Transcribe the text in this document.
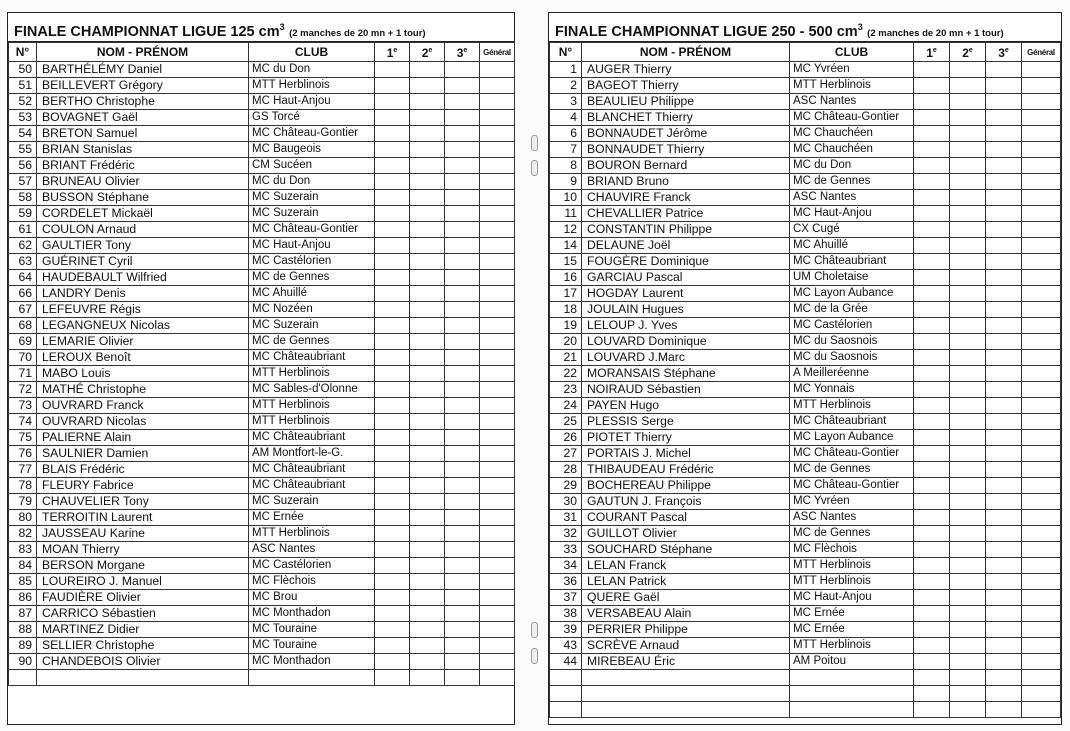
FINALE CHAMPIONNAT LIGUE 125 $cm^3$ (2 manches de 20 mn + 1 tour)
N°	NOM - PRÉNOM	CLUB	1e	2e	3e	Général
50	BARTHÉLÉMY Daniel	MC du Don				
51	BEILLEVERT Grégory	MTT Herblinois				
52	BERTHO Christophe	MC Haut-Anjou				
53	BOVAGNET Gaël	GS Torcé				
54	BRETON Samuel	MC Château-Gontier				
55	BRIAN Stanislas	MC Baugeois				
56	BRIANT Frédéric	CM Sucéen				
57	BRUNEAU Olivier	MC du Don				
58	BUSSON Stéphane	MC Suzerain				
59	CORDELET Mickaël	MC Suzerain				
61	COULON Arnaud	MC Château-Gontier				
62	GAULTIER Tony	MC Haut-Anjou				
63	GUÉRINET Cyril	MC Castélorien				
64	HAUDEBAULT Wilfried	MC de Gennes				
66	LANDRY Denis	MC Ahuillé				
67	LEFEUVRE Régis	MC Nozéen				
68	LEGANGNEUX Nicolas	MC Suzerain				
69	LEMARIE Olivier	MC de Gennes				
70	LEROUX Benoît	MC Châteaubriant				
71	MABO Louis	MTT Herblinois				
72	MATHÉ Christophe	MC Sables-d'Olonne				
73	OUVRARD Franck	MTT Herblinois				
74	OUVRARD Nicolas	MTT Herblinois				
75	PALIERNE Alain	MC Châteaubriant				
76	SAULNIER Damien	AM Montfort-le-G.				
77	BLAIS Frédéric	MC Châteaubriant				
78	FLEURY Fabrice	MC Châteaubriant				
79	CHAUVELIER Tony	MC Suzerain				
80	TERROITIN Laurent	MC Ernée				
82	JAUSSEAU Karine	MTT Herblinois				
83	MOAN Thierry	ASC Nantes				
84	BERSON Morgane	MC Castélorien				
85	LOUREIRO J. Manuel	MC Flèchois				
86	FAUDIÈRE Olivier	MC Brou				
87	CARRICO Sébastien	MC Monthadon				
88	MARTINEZ Didier	MC Touraine				
89	SELLIER Christophe	MC Touraine				
90	CHANDEBOIS Olivier	MC Monthadon				

FINALE CHAMPIONNAT LIGUE 250 - 500 $cm^3$ (2 manches de 20 mn + 1 tour)
N°	NOM - PRÉNOM	CLUB	1e	2e	3e	Général
1	AUGER Thierry	MC Yvréen				
2	BAGEOT Thierry	MTT Herblinois				
3	BEAULIEU Philippe	ASC Nantes				
4	BLANCHET Thierry	MC Château-Gontier				
6	BONNAUDET Jérôme	MC Chauchéen				
7	BONNAUDET Thierry	MC Chauchéen				
8	BOURON Bernard	MC du Don				
9	BRIAND Bruno	MC de Gennes				
10	CHAUVIRE Franck	ASC Nantes				
11	CHEVALLIER Patrice	MC Haut-Anjou				
12	CONSTANTIN Philippe	CX Cugé				
14	DELAUNE Joël	MC Ahuillé				
15	FOUGÈRE Dominique	MC Châteaubriant				
16	GARCIAU Pascal	UM Choletaise				
17	HOGDAY Laurent	MC Layon Aubance				
18	JOULAIN Hugues	MC de la Grée				
19	LELOUP J. Yves	MC Castélorien				
20	LOUVARD Dominique	MC du Saosnois				
21	LOUVARD J.Marc	MC du Saosnois				
22	MORANSAIS Stéphane	A Meilleréenne				
23	NOIRAUD Sébastien	MC Yonnais				
24	PAYEN Hugo	MTT Herblinois				
25	PLESSIS Serge	MC Châteaubriant				
26	PIOTET Thierry	MC Layon Aubance				
27	PORTAIS J. Michel	MC Château-Gontier				
28	THIBAUDEAU Frédéric	MC de Gennes				
29	BOCHEREAU Philippe	MC Château-Gontier				
30	GAUTUN J. François	MC Yvréen				
31	COURANT Pascal	ASC Nantes				
32	GUILLOT Olivier	MC de Gennes				
33	SOUCHARD Stéphane	MC Flèchois				
34	LELAN Franck	MTT Herblinois				
36	LELAN Patrick	MTT Herblinois				
37	QUERE Gaël	MC Haut-Anjou				
38	VERSABEAU Alain	MC Ernée				
39	PERRIER Philippe	MC Ernée				
43	SCRÈVE Arnaud	MTT Herblinois				
44	MIREBEAU Éric	AM Poitou				
